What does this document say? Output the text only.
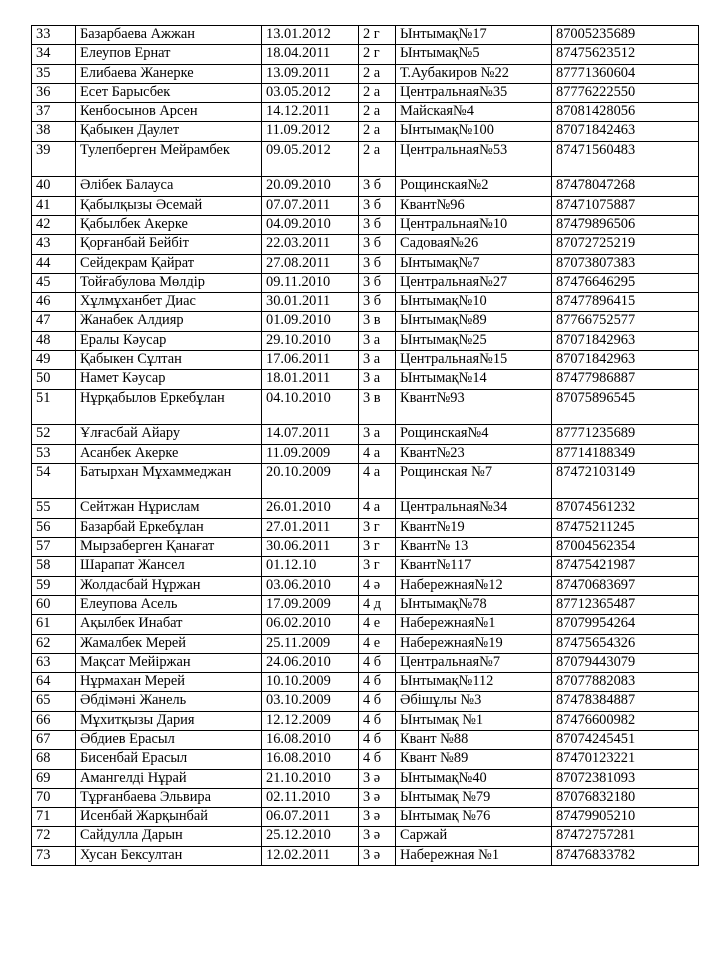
33	Базарбаева Ажжан	13.01.2012	2 г	Ынтымақ№17	87005235689
34	Елеупов Ернат	18.04.2011	2 г	Ынтымақ№5	87475623512
35	Елибаева Жанерке	13.09.2011	2 а	Т.Аубакиров №22	87771360604
36	Есет Барысбек	03.05.2012	2 а	Центральная№35	87776222550
37	Кенбосынов Арсен	14.12.2011	2 а	Майская№4	87081428056
38	Қабыкен Даулет	11.09.2012	2 а	Ынтымақ№100	87071842463
39	Тулепберген Мейрамбек	09.05.2012	2 а	Центральная№53	87471560483
40	Әлібек Балауса	20.09.2010	3 б	Рощинская№2	87478047268
41	Қабылқызы Әсемай	07.07.2011	3 б	Квант№96	87471075887
42	Қабылбек Акерке	04.09.2010	3 б	Центральная№10	87479896506
43	Қорғанбай Бейбіт	22.03.2011	3 б	Садовая№26	87072725219
44	Сейдекрам Қайрат	27.08.2011	3 б	Ынтымақ№7	87073807383
45	Тойғабулова Мөлдір	09.11.2010	3 б	Центральная№27	87476646295
46	Хұлмұханбет Диас	30.01.2011	3 б	Ынтымақ№10	87477896415
47	Жанабек Алдияр	01.09.2010	3 в	Ынтымақ№89	87766752577
48	Ералы Кәусар	29.10.2010	3 а	Ынтымақ№25	87071842963
49	Қабыкен Сұлтан	17.06.2011	3 а	Центральная№15	87071842963
50	Намет Кәусар	18.01.2011	3 а	Ынтымақ№14	87477986887
51	Нұрқабылов Еркебұлан	04.10.2010	3 в	Квант№93	87075896545
52	Ұлғасбай Айару	14.07.2011	3 а	Рощинская№4	87771235689
53	Асанбек Акерке	11.09.2009	4 а	Квант№23	87714188349
54	Батырхан Мұхаммеджан	20.10.2009	4 а	Рощинская №7	87472103149
55	Сейтжан Нұрислам	26.01.2010	4 а	Центральная№34	87074561232
56	Базарбай Еркебұлан	27.01.2011	3 г	Квант№19	87475211245
57	Мырзаберген Қанағат	30.06.2011	3 г	Квант№ 13	87004562354
58	Шарапат Жансел	01.12.10	3 г	Квант№117	87475421987
59	Жолдасбай Нұржан	03.06.2010	4 ә	Набережная№12	87470683697
60	Елеупова Асель	17.09.2009	4 д	Ынтымақ№78	87712365487
61	Ақылбек Инабат	06.02.2010	4 е	Набережная№1	87079954264
62	Жамалбек Мерей	25.11.2009	4 е	Набережная№19	87475654326
63	Мақсат Мейіржан	24.06.2010	4 б	Центральная№7	87079443079
64	Нұрмахан Мерей	10.10.2009	4 б	Ынтымақ№112	87077882083
65	Әбдімәні Жанель	03.10.2009	4 б	Әбішұлы №3	87478384887
66	Мұхитқызы Дария	12.12.2009	4 б	Ынтымақ №1	87476600982
67	Әбдиев Ерасыл	16.08.2010	4 б	Квант №88	87074245451
68	Бисенбай Ерасыл	16.08.2010	4 б	Квант №89	87470123221
69	Амангелді Нұрай	21.10.2010	3 ә	Ынтымақ№40	87072381093
70	Тұрғанбаева Эльвира	02.11.2010	3 ә	Ынтымақ №79	87076832180
71	Исенбай Жарқынбай	06.07.2011	3 ә	Ынтымақ №76	87479905210
72	Сайдулла Дарын	25.12.2010	3 ә	Саржай	87472757281
73	Хусан Бексултан	12.02.2011	3 ә	Набережная №1	87476833782
